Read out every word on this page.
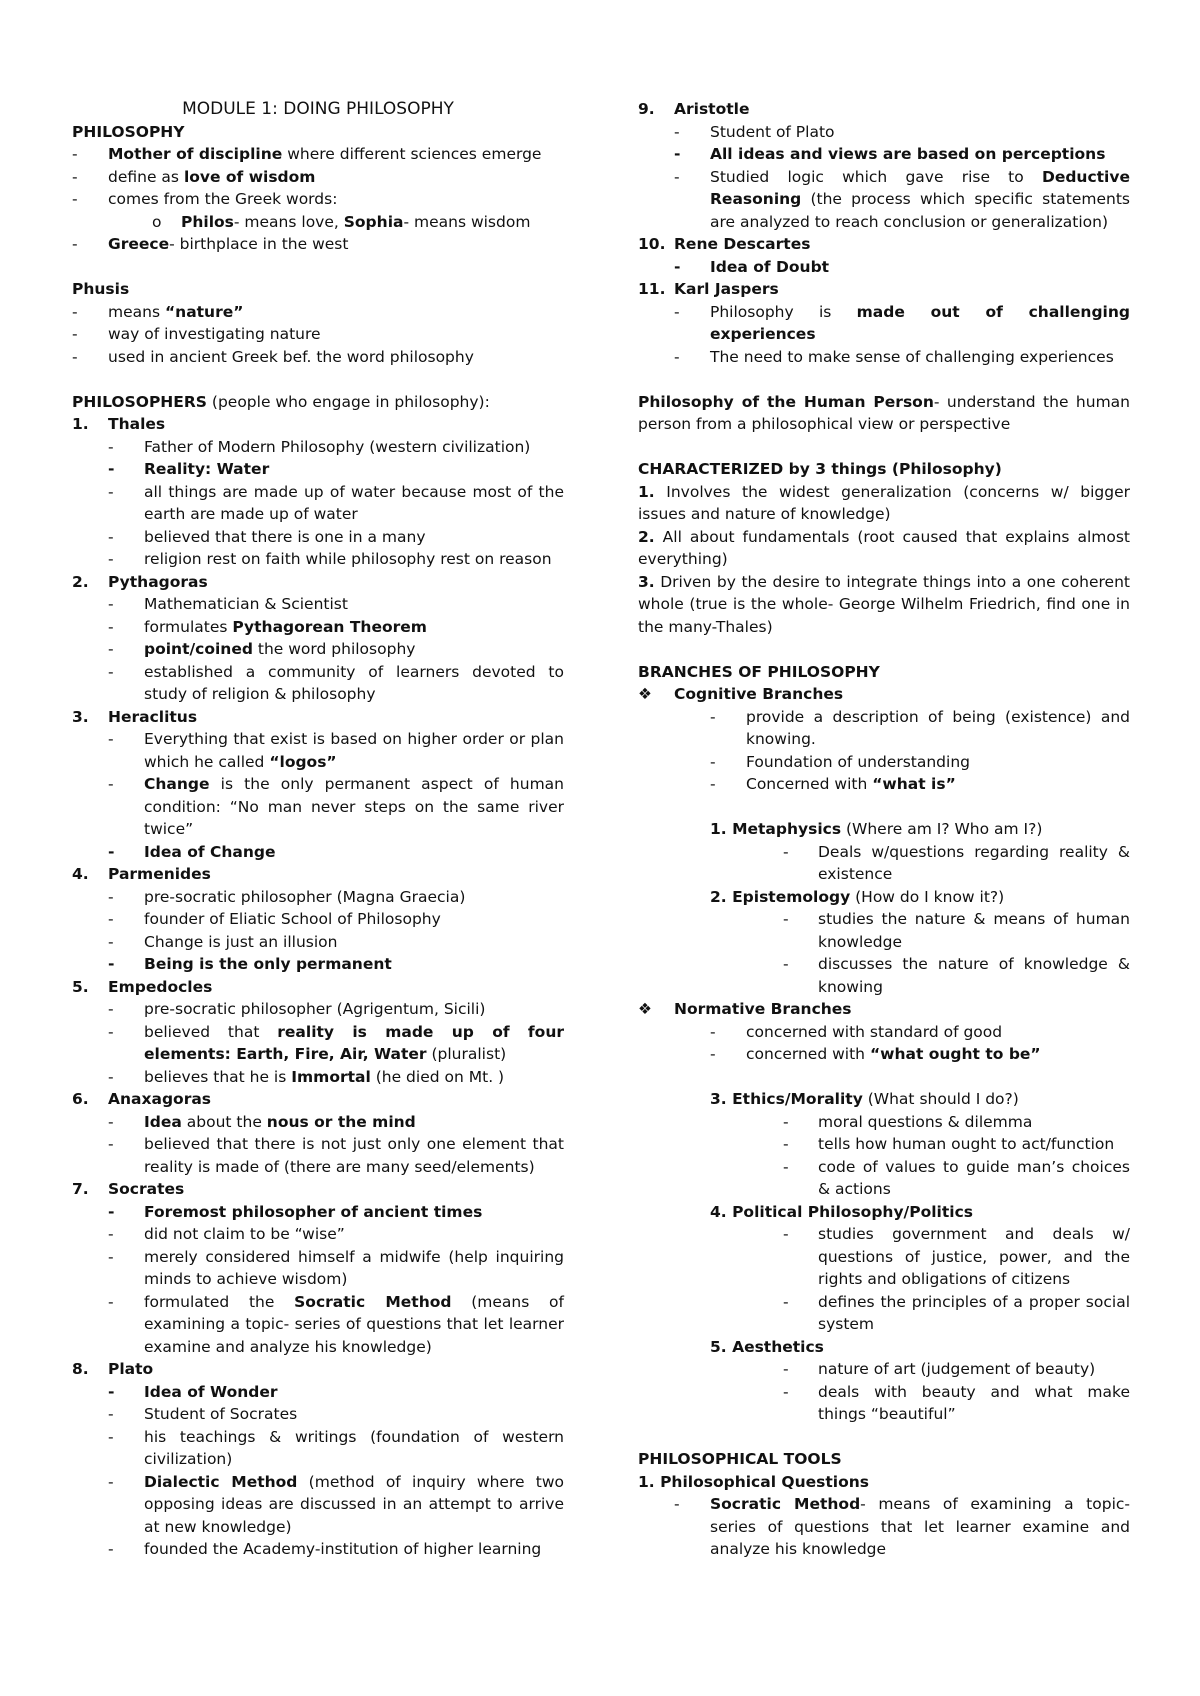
MODULE 1: DOING PHILOSOPHY
PHILOSOPHY
- Mother of discipline where different sciences emerge
- define as love of wisdom
- comes from the Greek words:
o Philos- means love, Sophia- means wisdom
- Greece- birthplace in the west
Phusis
- means “nature”
- way of investigating nature
- used in ancient Greek bef. the word philosophy
PHILOSOPHERS (people who engage in philosophy):
1. Thales
- Father of Modern Philosophy (western civilization)
- Reality: Water
- all things are made up of water because most of the earth are made up of water
- believed that there is one in a many
- religion rest on faith while philosophy rest on reason
2. Pythagoras
- Mathematician & Scientist
- formulates Pythagorean Theorem
- point/coined the word philosophy
- established a community of learners devoted to study of religion & philosophy
3. Heraclitus
- Everything that exist is based on higher order or plan which he called “logos”
- Change is the only permanent aspect of human condition: “No man never steps on the same river twice”
- Idea of Change
4. Parmenides
- pre-socratic philosopher (Magna Graecia)
- founder of Eliatic School of Philosophy
- Change is just an illusion
- Being is the only permanent
5. Empedocles
- pre-socratic philosopher (Agrigentum, Sicili)
- believed that reality is made up of four elements: Earth, Fire, Air, Water (pluralist)
- believes that he is Immortal (he died on Mt. )
6. Anaxagoras
- Idea about the nous or the mind
- believed that there is not just only one element that reality is made of (there are many seed/elements)
7. Socrates
- Foremost philosopher of ancient times
- did not claim to be “wise”
- merely considered himself a midwife (help inquiring minds to achieve wisdom)
- formulated the Socratic Method (means of examining a topic- series of questions that let learner examine and analyze his knowledge)
8. Plato
- Idea of Wonder
- Student of Socrates
- his teachings & writings (foundation of western civilization)
- Dialectic Method (method of inquiry where two opposing ideas are discussed in an attempt to arrive at new knowledge)
- founded the Academy-institution of higher learning
9. Aristotle
- Student of Plato
- All ideas and views are based on perceptions
- Studied logic which gave rise to Deductive Reasoning (the process which specific statements are analyzed to reach conclusion or generalization)
10. Rene Descartes
- Idea of Doubt
11. Karl Jaspers
- Philosophy is made out of challenging experiences
- The need to make sense of challenging experiences
Philosophy of the Human Person- understand the human person from a philosophical view or perspective
CHARACTERIZED by 3 things (Philosophy)
1. Involves the widest generalization (concerns w/ bigger issues and nature of knowledge)
2. All about fundamentals (root caused that explains almost everything)
3. Driven by the desire to integrate things into a one coherent whole (true is the whole- George Wilhelm Friedrich, find one in the many-Thales)
BRANCHES OF PHILOSOPHY
❖ Cognitive Branches
- provide a description of being (existence) and knowing.
- Foundation of understanding
- Concerned with “what is”
1. Metaphysics (Where am I? Who am I?)
- Deals w/questions regarding reality & existence
2. Epistemology (How do I know it?)
- studies the nature & means of human knowledge
- discusses the nature of knowledge & knowing
❖ Normative Branches
- concerned with standard of good
- concerned with “what ought to be”
3. Ethics/Morality (What should I do?)
- moral questions & dilemma
- tells how human ought to act/function
- code of values to guide man’s choices & actions
4. Political Philosophy/Politics
- studies government and deals w/ questions of justice, power, and the rights and obligations of citizens
- defines the principles of a proper social system
5. Aesthetics
- nature of art (judgement of beauty)
- deals with beauty and what make things “beautiful”
PHILOSOPHICAL TOOLS
1. Philosophical Questions
- Socratic Method- means of examining a topic- series of questions that let learner examine and analyze his knowledge
